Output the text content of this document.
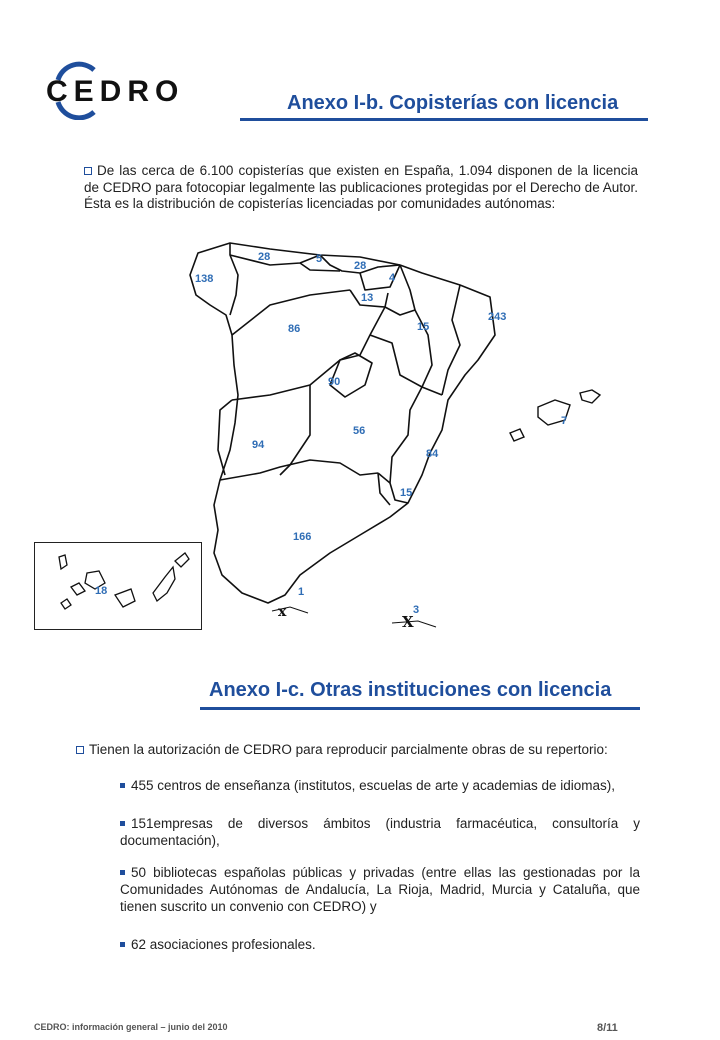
CEDRO	Anexo I-b. Copisterías con licencia
De las cerca de 6.100 copisterías que existen en España, 1.094 disponen de la licencia de CEDRO para fotocopiar legalmente las publicaciones protegidas por el Derecho de Autor. Ésta es la distribución de copisterías licenciadas por comunidades autónomas:
x
X
138
28	5
28
4
13
86	15
243
90
56
94
84
15
166
7
1
3
18
Anexo I-c. Otras instituciones con licencia
Tienen la autorización de CEDRO para reproducir parcialmente obras de su repertorio:
455 centros de enseñanza (institutos, escuelas de arte y academias de idiomas),
151empresas de diversos ámbitos (industria farmacéutica, consultoría y documentación),
50 bibliotecas españolas públicas y privadas (entre ellas las gestionadas por la Comunidades Autónomas de Andalucía, La Rioja, Madrid, Murcia y Cataluña, que tienen suscrito un convenio con CEDRO) y
62 asociaciones profesionales.
CEDRO: información general – junio del 2010	8/11
